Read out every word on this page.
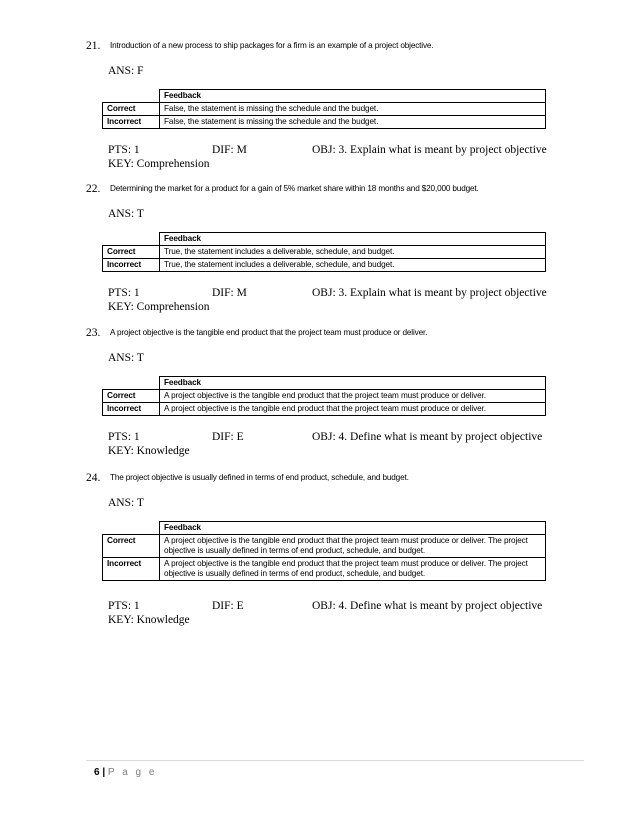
21. Introduction of a new process to ship packages for a firm is an example of a project objective.
ANS: F
	Feedback
Correct	False, the statement is missing the schedule and the budget.
Incorrect	False, the statement is missing the schedule and the budget.
PTS: 1	DIF: M	OBJ: 3. Explain what is meant by project objective
KEY: Comprehension
22. Determining the market for a product for a gain of 5% market share within 18 months and $20,000 budget.
ANS: T
	Feedback
Correct	True, the statement includes a deliverable, schedule, and budget.
Incorrect	True, the statement includes a deliverable, schedule, and budget.
PTS: 1	DIF: M	OBJ: 3. Explain what is meant by project objective
KEY: Comprehension
23. A project objective is the tangible end product that the project team must produce or deliver.
ANS: T
	Feedback
Correct	A project objective is the tangible end product that the project team must produce or deliver.
Incorrect	A project objective is the tangible end product that the project team must produce or deliver.
PTS: 1	DIF: E	OBJ: 4. Define what is meant by project objective
KEY: Knowledge
24. The project objective is usually defined in terms of end product, schedule, and budget.
ANS: T
	Feedback
Correct	A project objective is the tangible end product that the project team must produce or deliver. The project objective is usually defined in terms of end product, schedule, and budget.
Incorrect	A project objective is the tangible end product that the project team must produce or deliver. The project objective is usually defined in terms of end product, schedule, and budget.
PTS: 1	DIF: E	OBJ: 4. Define what is meant by project objective
KEY: Knowledge
6 | P a g e
